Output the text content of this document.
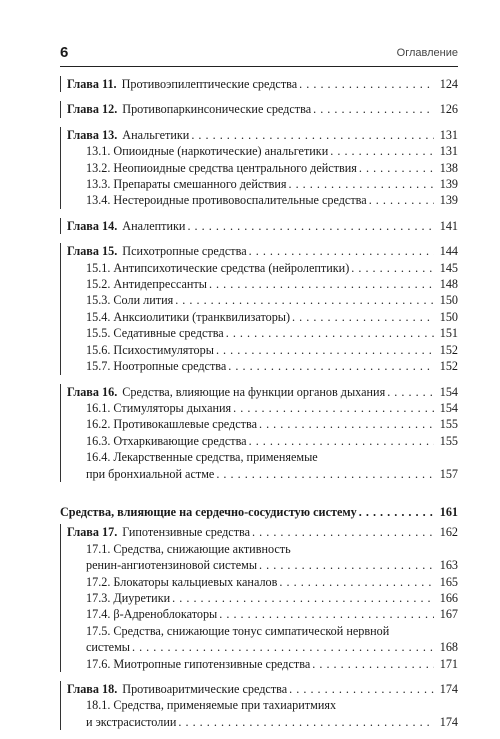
6	Оглавление
Глава 11. Противоэпилептические средства . . .	124
Глава 12. Противопаркинсонические средства . . .	126
Глава 13. Анальгетики . . .	131
13.1. Опиоидные (наркотические) анальгетики . . .	131
13.2. Неопиоидные средства центрального действия . . .	138
13.3. Препараты смешанного действия . . .	139
13.4. Нестероидные противовоспалительные средства . . .	139
Глава 14. Аналептики . . .	141
Глава 15. Психотропные средства . . .	144
15.1. Антипсихотические средства (нейролептики) . . .	145
15.2. Антидепрессанты . . .	148
15.3. Соли лития . . .	150
15.4. Анксиолитики (транквилизаторы) . . .	150
15.5. Седативные средства . . .	151
15.6. Психостимуляторы . . .	152
15.7. Ноотропные средства . . .	152
Глава 16. Средства, влияющие на функции органов дыхания . . .	154
16.1. Стимуляторы дыхания . . .	154
16.2. Противокашлевые средства . . .	155
16.3. Отхаркивающие средства . . .	155
16.4. Лекарственные средства, применяемые
при бронхиальной астме . . .	157
Средства, влияющие на сердечно-сосудистую систему . . .	161
Глава 17. Гипотензивные средства . . .	162
17.1. Средства, снижающие активность
ренин-ангиотензиновой системы . . .	163
17.2. Блокаторы кальциевых каналов . . .	165
17.3. Диуретики . . .	166
17.4. β-Адреноблокаторы . . .	167
17.5. Средства, снижающие тонус симпатической нервной
системы . . .	168
17.6. Миотропные гипотензивные средства . . .	171
Глава 18. Противоаритмические средства . . .	174
18.1. Средства, применяемые при тахиаритмиях
и экстрасистолии . . .	174
